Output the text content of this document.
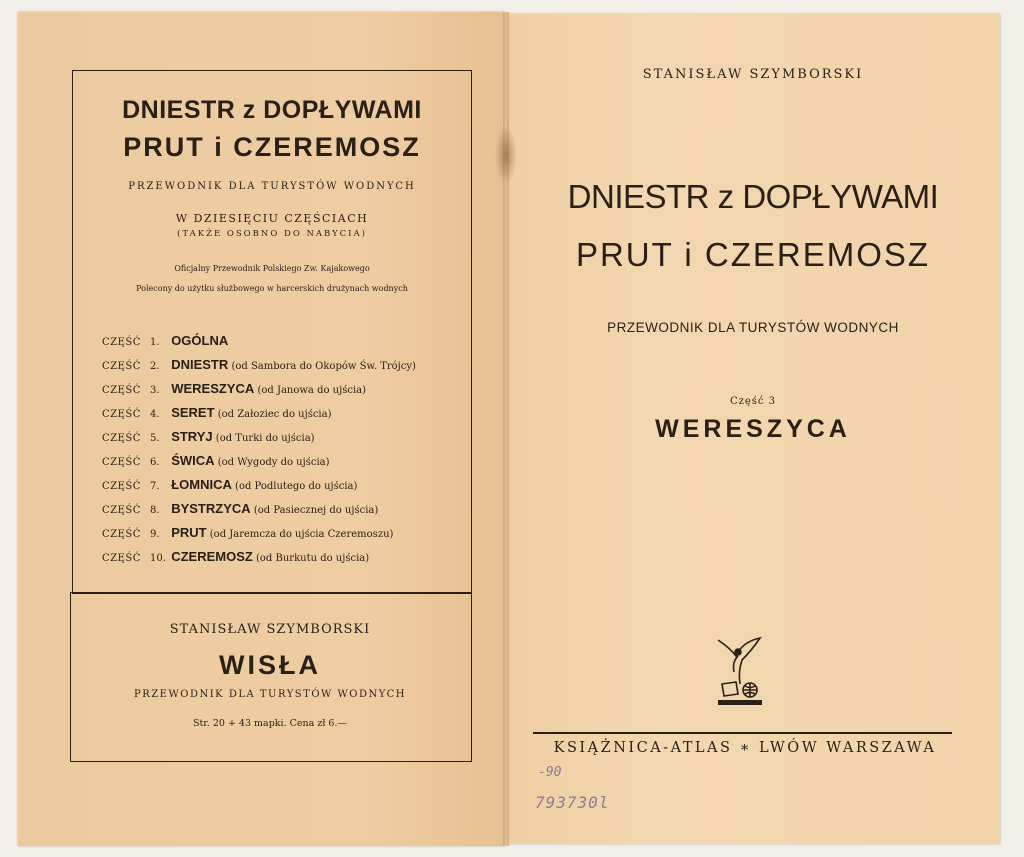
DNIESTR z DOPŁYWAMI
PRUT i CZEREMOSZ
PRZEWODNIK DLA TURYSTÓW WODNYCH
W DZIESIĘCIU CZĘŚCIACH
(TAKŻE OSOBNO DO NABYCIA)
Oficjalny Przewodnik Polskiego Zw. Kajakowego
Polecony do użytku służbowego w harcerskich drużynach wodnych
CZĘŚĆ 1. OGÓLNA
CZĘŚĆ 2. DNIESTR (od Sambora do Okopów Św. Trójcy)
CZĘŚĆ 3. WERESZYCA (od Janowa do ujścia)
CZĘŚĆ 4. SERET (od Załoziec do ujścia)
CZĘŚĆ 5. STRYJ (od Turki do ujścia)
CZĘŚĆ 6. ŚWICA (od Wygody do ujścia)
CZĘŚĆ 7. ŁOMNICA (od Podlutego do ujścia)
CZĘŚĆ 8. BYSTRZYCA (od Pasiecznej do ujścia)
CZĘŚĆ 9. PRUT (od Jaremcza do ujścia Czeremoszu)
CZĘŚĆ 10. CZEREMOSZ (od Burkutu do ujścia)
STANISŁAW SZYMBORSKI
WISŁA
PRZEWODNIK DLA TURYSTÓW WODNYCH
Str. 20 + 43 mapki. Cena zł 6.—
STANISŁAW SZYMBORSKI
DNIESTR z DOPŁYWAMI
PRUT i CZEREMOSZ
PRZEWODNIK DLA TURYSTÓW WODNYCH
Część 3
WERESZYCA
KSIĄŻNICA-ATLAS ∗ LWÓW WARSZAWA
-90
793730l
